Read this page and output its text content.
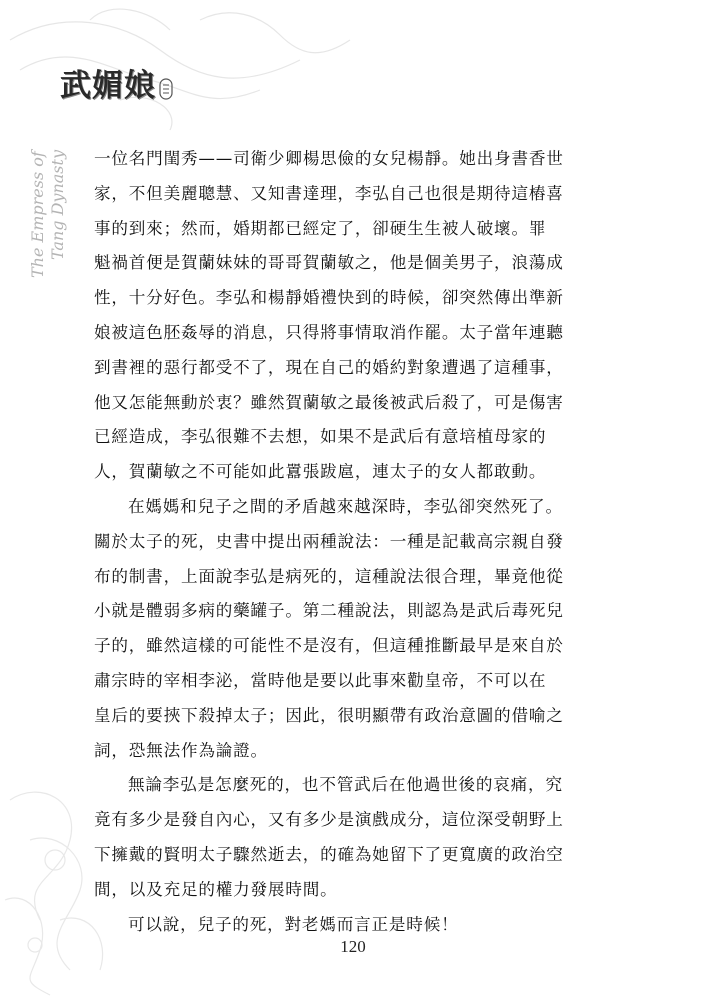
武媚娘
The Empress of Tang Dynasty 一位名門閨秀——司衛少卿楊思儉的女兒楊靜。她出身書香世
家，不但美麗聰慧、又知書達理，李弘自己也很是期待這樁喜
事的到來；然而，婚期都已經定了，卻硬生生被人破壞。罪
魁禍首便是賀蘭妹妹的哥哥賀蘭敏之，他是個美男子，浪蕩成
性，十分好色。李弘和楊靜婚禮快到的時候，卻突然傳出準新
娘被這色胚姦辱的消息，只得將事情取消作罷。太子當年連聽
到書裡的惡行都受不了，現在自己的婚約對象遭遇了這種事，
他又怎能無動於衷？雖然賀蘭敏之最後被武后殺了，可是傷害
已經造成，李弘很難不去想，如果不是武后有意培植母家的
人，賀蘭敏之不可能如此囂張跋扈，連太子的女人都敢動。
在媽媽和兒子之間的矛盾越來越深時，李弘卻突然死了。
關於太子的死，史書中提出兩種說法：一種是記載高宗親自發
布的制書，上面說李弘是病死的，這種說法很合理，畢竟他從
小就是體弱多病的藥罐子。第二種說法，則認為是武后毒死兒
子的，雖然這樣的可能性不是沒有，但這種推斷最早是來自於
肅宗時的宰相李泌，當時他是要以此事來勸皇帝，不可以在
皇后的要挾下殺掉太子；因此，很明顯帶有政治意圖的借喻之
詞，恐無法作為論證。
無論李弘是怎麼死的，也不管武后在他過世後的哀痛，究
竟有多少是發自內心，又有多少是演戲成分，這位深受朝野上
下擁戴的賢明太子驟然逝去，的確為她留下了更寬廣的政治空
間，以及充足的權力發展時間。
可以說，兒子的死，對老媽而言正是時候！
120
